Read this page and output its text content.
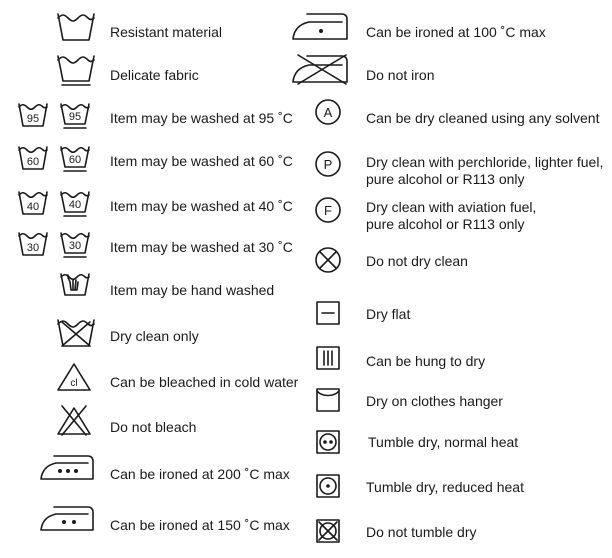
Resistant material
Delicate fabric
95	95 Item may be washed at 95 ˚C
60	60 Item may be washed at 60 ˚C
40	40 Item may be washed at 40 ˚C
30	30 Item may be washed at 30 ˚C
Item may be hand washed
Dry clean only
cl Can be bleached in cold water
Do not bleach
Can be ironed at 200 ˚C max
Can be ironed at 150 ˚C max
Can be ironed at 100 ˚C max
Do not iron
A Can be dry cleaned using any solvent
P Dry clean with perchloride, lighter fuel,
pure alcohol or R113 only
F Dry clean with aviation fuel,
pure alcohol or R113 only
Do not dry clean
Dry flat
Can be hung to dry
Dry on clothes hanger
Tumble dry, normal heat
Tumble dry, reduced heat
Do not tumble dry
